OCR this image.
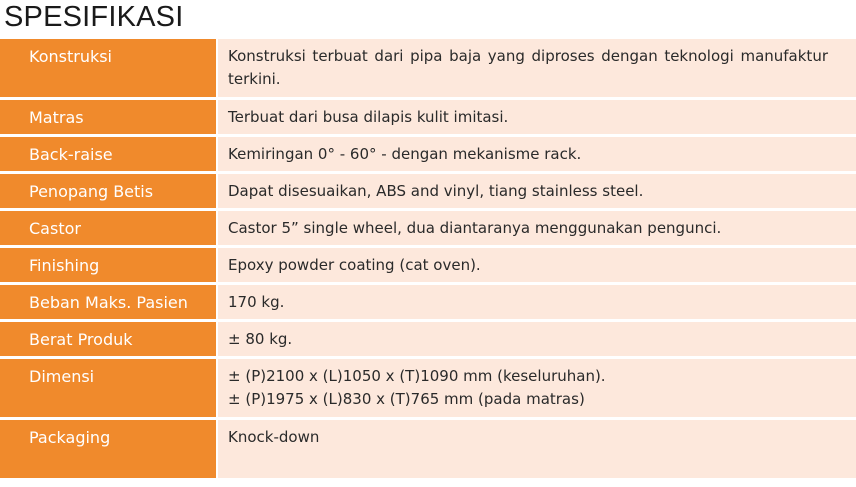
SPESIFIKASI
Konstruksi	Konstruksi terbuat dari pipa baja yang diproses dengan teknologi manufaktur terkini.
Matras	Terbuat dari busa dilapis kulit imitasi.
Back-raise	Kemiringan 0° - 60° - dengan mekanisme rack.
Penopang Betis	Dapat disesuaikan, ABS and vinyl, tiang stainless steel.
Castor	Castor 5” single wheel, dua diantaranya menggunakan pengunci.
Finishing	Epoxy powder coating (cat oven).
Beban Maks. Pasien	170 kg.
Berat Produk	± 80 kg.
Dimensi	± (P)2100 x (L)1050 x (T)1090 mm (keseluruhan).
± (P)1975 x (L)830 x (T)765 mm (pada matras)
Packaging	Knock-down
